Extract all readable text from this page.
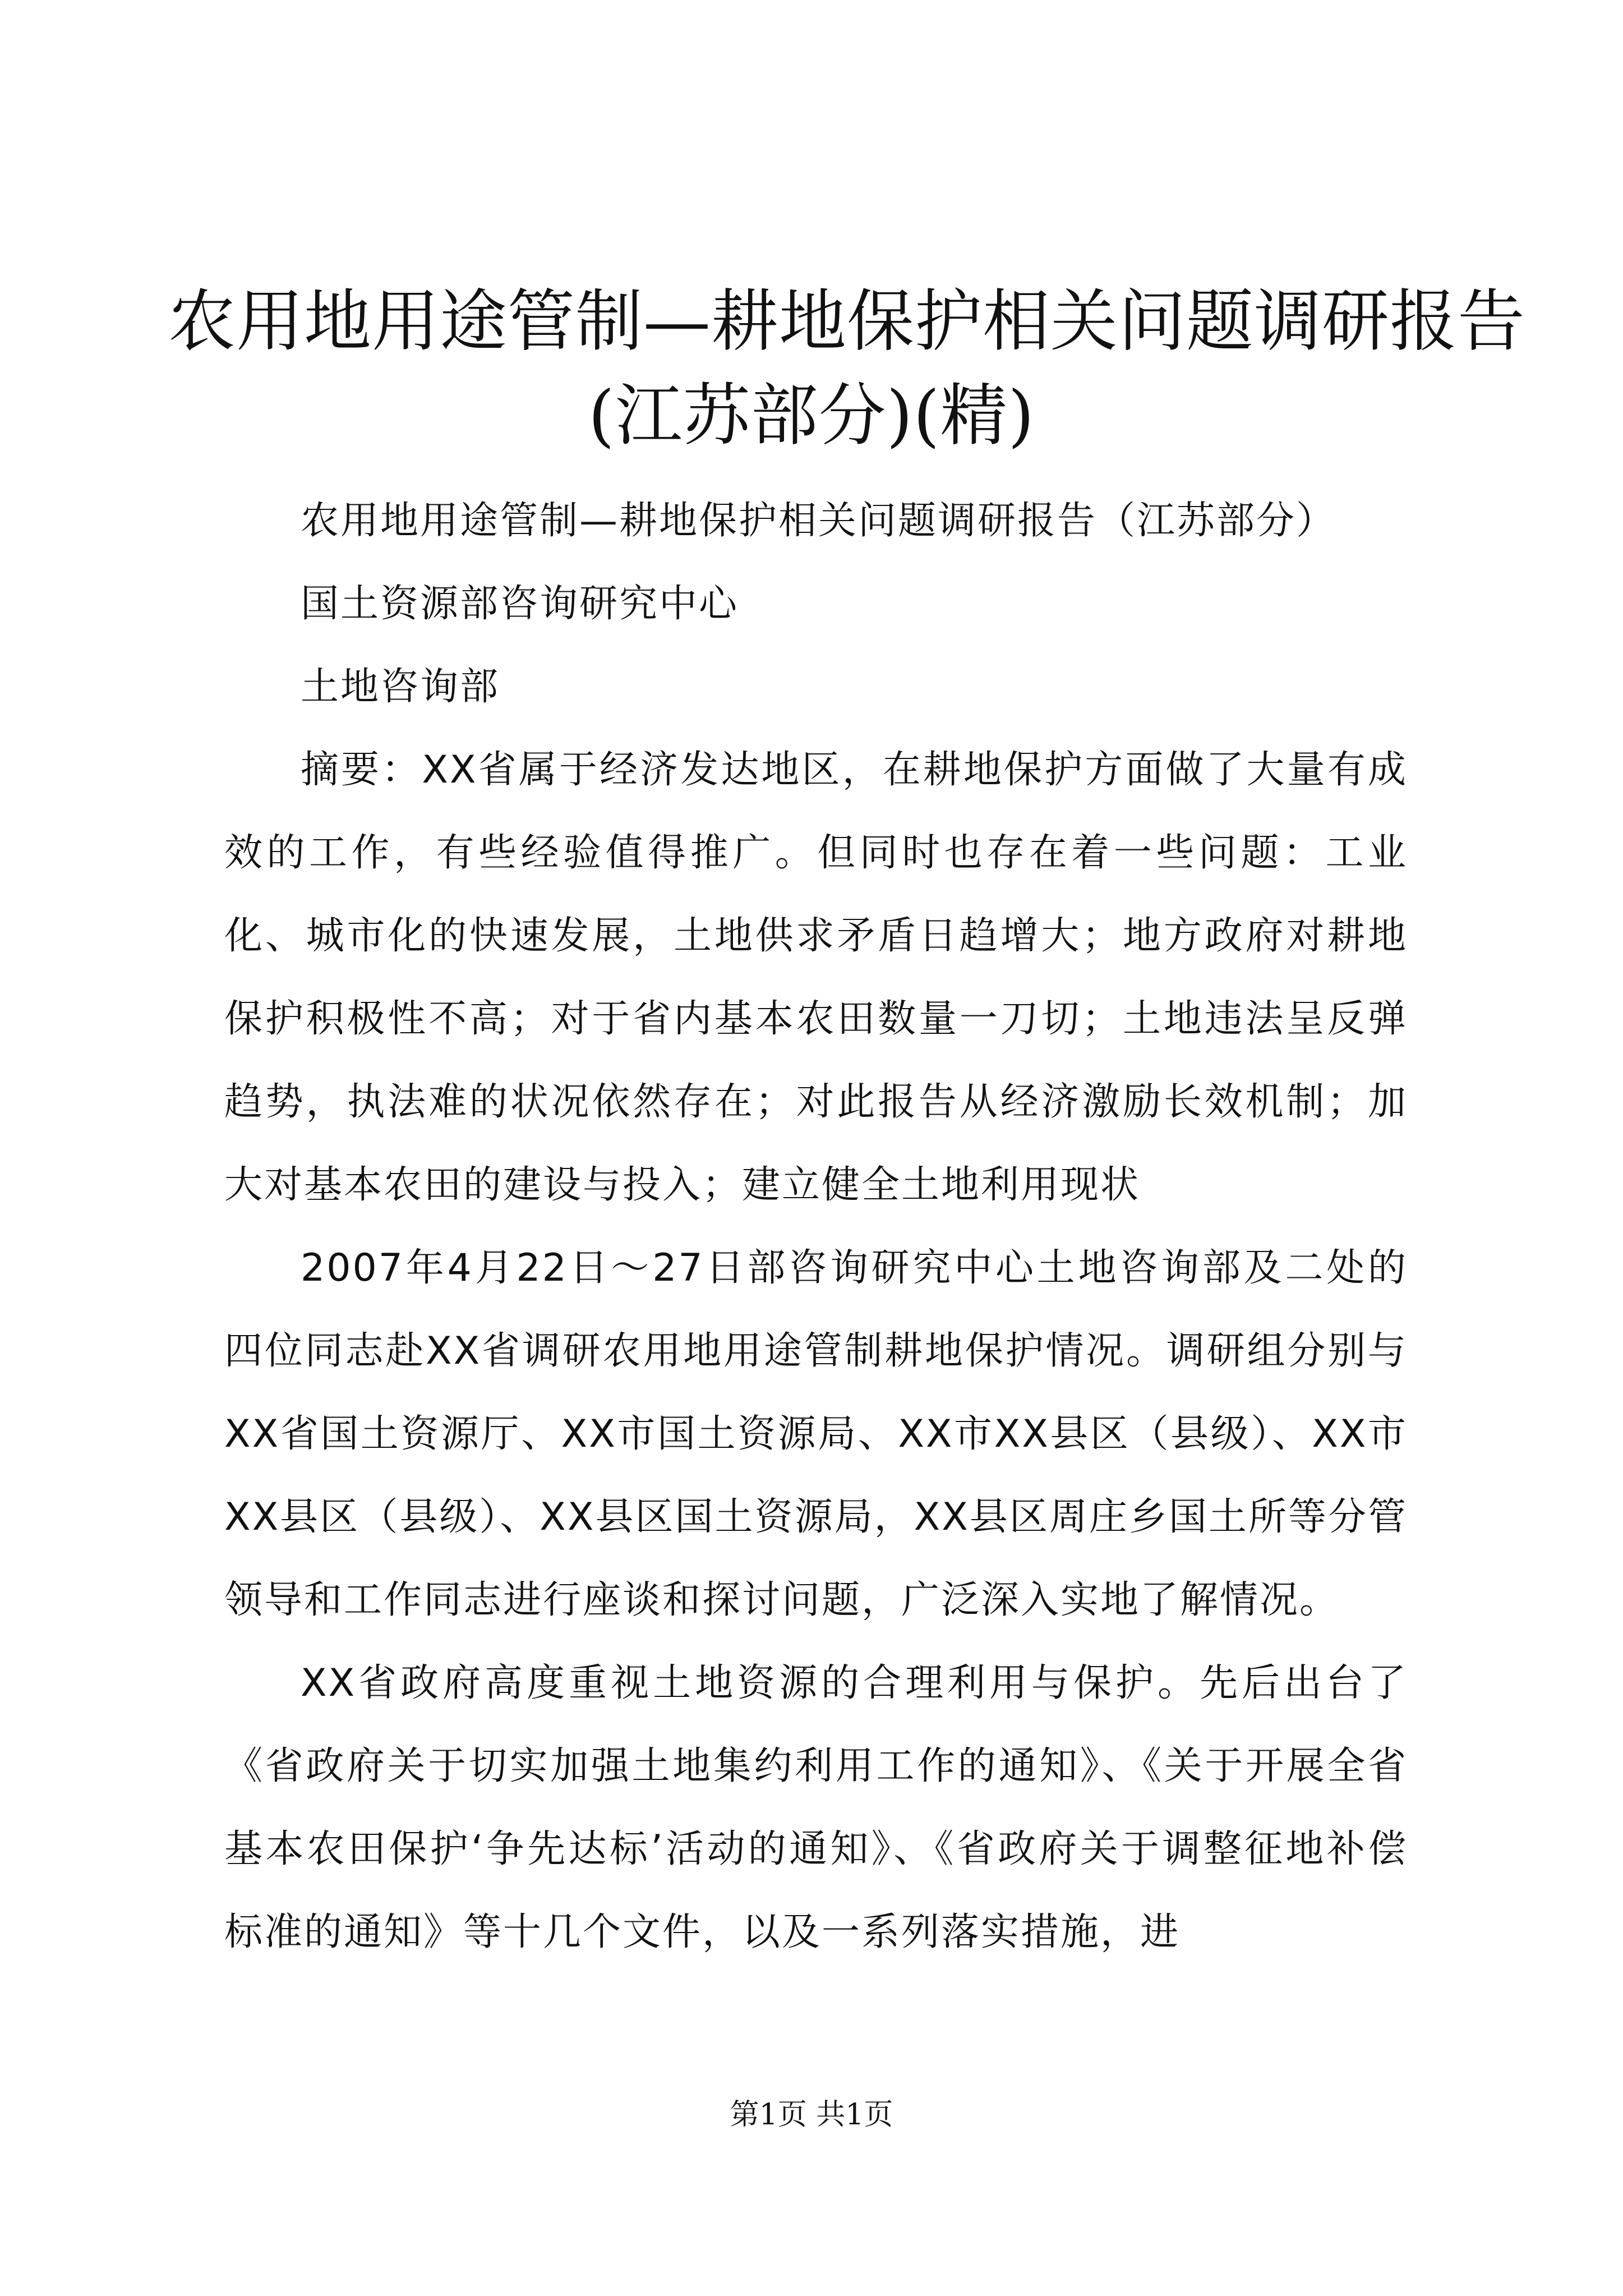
农用地用途管制—耕地保护相关问题调研报告
(江苏部分)(精)

农用地用途管制—耕地保护相关问题调研报告（江苏部分）

国土资源部咨询研究中心

土地咨询部

摘要：XX省属于经济发达地区，在耕地保护方面做了大量有成效的工作，有些经验值得推广。但同时也存在着一些问题：工业化、城市化的快速发展，土地供求矛盾日趋增大；地方政府对耕地保护积极性不高；对于省内基本农田数量一刀切；土地违法呈反弹趋势，执法难的状况依然存在；对此报告从经济激励长效机制；加大对基本农田的建设与投入；建立健全土地利用现状

2007年4月22日～27日部咨询研究中心土地咨询部及二处的四位同志赴XX省调研农用地用途管制耕地保护情况。调研组分别与XX省国土资源厅、XX市国土资源局、XX市XX县区（县级）、XX市XX县区（县级）、XX县区国土资源局，XX县区周庄乡国土所等分管领导和工作同志进行座谈和探讨问题，广泛深入实地了解情况。

XX省政府高度重视土地资源的合理利用与保护。先后出台了《省政府关于切实加强土地集约利用工作的通知》、《关于开展全省基本农田保护‘争先达标’活动的通知》、《省政府关于调整征地补偿标准的通知》等十几个文件，以及一系列落实措施，进

第1页 共1页
